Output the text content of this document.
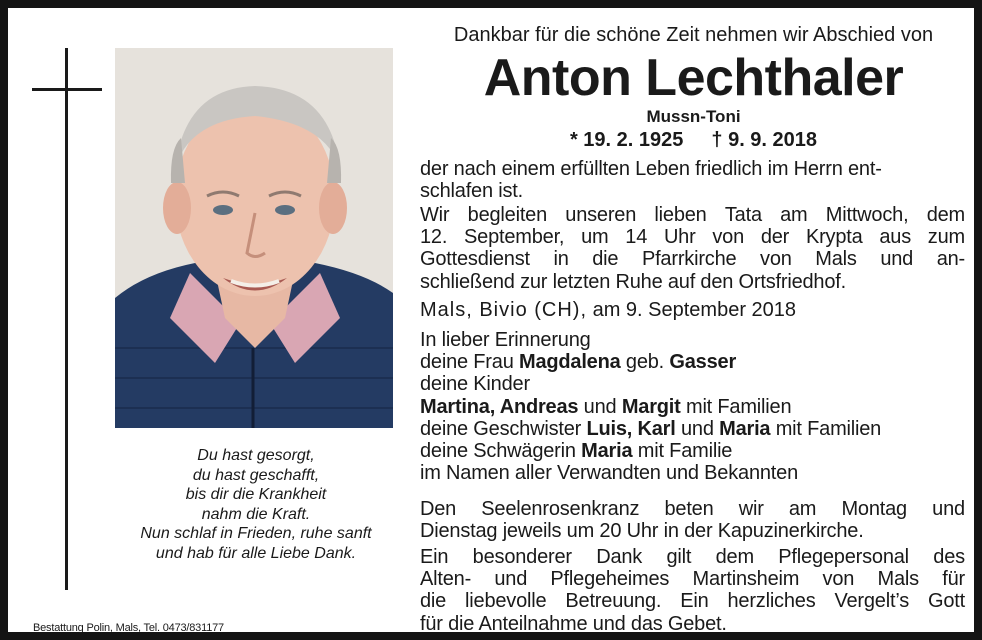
Du hast gesorgt,
du hast geschafft,
bis dir die Krankheit
nahm die Kraft.
Nun schlaf in Frieden, ruhe sanft
und hab für alle Liebe Dank.
Bestattung Polin, Mals, Tel. 0473/831177
Dankbar für die schöne Zeit nehmen wir Abschied von
Anton Lechthaler
Mussn-Toni
* 19. 2. 1925 † 9. 9. 2018
der nach einem erfüllten Leben friedlich im Herrn ent-
schlafen ist.
Wir begleiten unseren lieben Tata am Mittwoch, dem
12. September, um 14 Uhr von der Krypta aus zum
Gottesdienst in die Pfarrkirche von Mals und an-
schließend zur letzten Ruhe auf den Ortsfriedhof.
Mals, Bivio (CH), am 9. September 2018
In lieber Erinnerung
deine Frau Magdalena geb. Gasser
deine Kinder
Martina, Andreas und Margit mit Familien
deine Geschwister Luis, Karl und Maria mit Familien
deine Schwägerin Maria mit Familie
im Namen aller Verwandten und Bekannten
Den Seelenrosenkranz beten wir am Montag und
Dienstag jeweils um 20 Uhr in der Kapuzinerkirche.
Ein besonderer Dank gilt dem Pflegepersonal des
Alten- und Pflegeheimes Martinsheim von Mals für
die liebevolle Betreuung. Ein herzliches Vergelt’s Gott
für die Anteilnahme und das Gebet.
